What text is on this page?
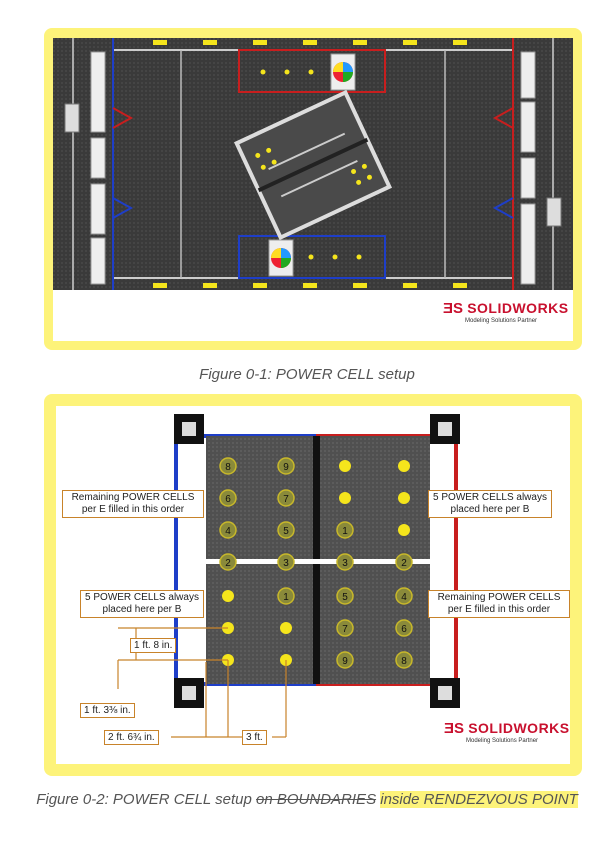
ƎS SOLIDWORKS
Modeling Solutions Partner
Figure 0-1: POWER CELL setup
8	9
6	7
4	5
2	3
1
1
3	2
5	4
7	6
9	8
Remaining POWER CELLS per E filled in this order
5 POWER CELLS always placed here per B
5 POWER CELLS always placed here per B
Remaining POWER CELLS per E filled in this order
1 ft. 8 in.
1 ft. 3⅜ in.
2 ft. 6¾ in.	3 ft.
ƎS SOLIDWORKS
Modeling Solutions Partner
Figure 0-2: POWER CELL setup on BOUNDARIES inside RENDEZVOUS POINT
